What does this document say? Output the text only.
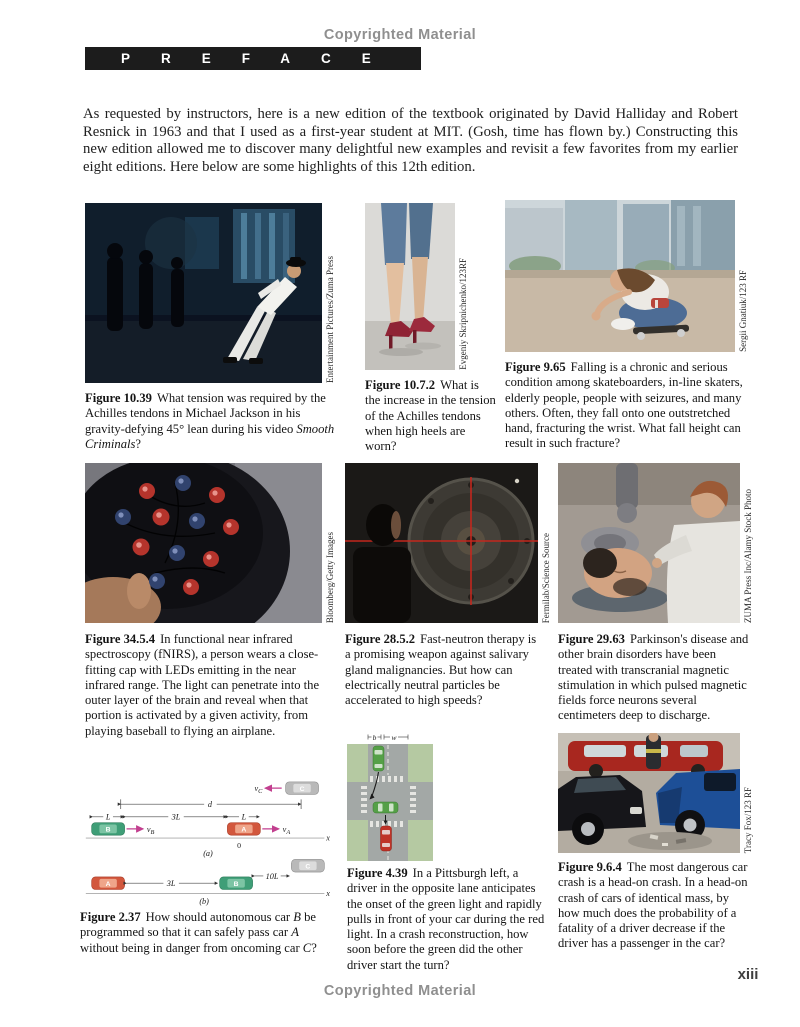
Copyrighted Material
PREFACE

As requested by instructors, here is a new edition of the textbook originated by David Halliday and Robert Resnick in 1963 and that I used as a first-year student at MIT. (Gosh, time has flown by.) Constructing this new edition allowed me to discover many delightful new examples and revisit a few favorites from my earlier eight editions. Here below are some highlights of this 12th edition.

Entertainment Pictures/Zuma Press
Figure 10.39 What tension was required by the Achilles tendons in Michael Jackson in his gravity-defying 45° lean during his video Smooth Criminals?
Evgeniy Skripnichenko/123RF
Figure 10.7.2 What is the increase in the tension of the Achilles tendons when high heels are worn?
Sergii Gnatiuk/123 RF
Figure 9.65 Falling is a chronic and serious condition among skateboarders, in-line skaters, elderly people, people with seizures, and many others. Often, they fall onto one outstretched hand, fracturing the wrist. What fall height can result in such fracture?
Bloomberg/Getty Images
Figure 34.5.4 In functional near infrared spectroscopy (fNIRS), a person wears a close-fitting cap with LEDs emitting in the near infrared range. The light can penetrate into the outer layer of the brain and reveal when that portion is activated by a given activity, from playing baseball to flying an airplane.
Fermilab/Science Source
Figure 28.5.2 Fast-neutron therapy is a promising weapon against salivary gland malignancies. But how can electrically neutral particles be accelerated to high speeds?
ZUMA Press Inc/Alamy Stock Photo
Figure 29.63 Parkinson's disease and other brain disorders have been treated with transcranial magnetic stimulation in which pulsed magnetic fields force neurons several centimeters deep to discharge.
C
$v_C$
d
L	3L	L
B	$v_B$	A	$v_A$
x
0
(a)
C
10L
A	3L	B
x
(b)
Figure 2.37 How should autonomous car B be programmed so that it can safely pass car A without being in danger from oncoming car C?
b w
Figure 4.39 In a Pittsburgh left, a driver in the opposite lane anticipates the onset of the green light and rapidly pulls in front of your car during the red light. In a crash reconstruction, how soon before the green did the other driver start the turn?
Tracy Fox/123 RF
Figure 9.6.4 The most dangerous car crash is a head-on crash. In a head-on crash of cars of identical mass, by how much does the probability of a fatality of a driver decrease if the driver has a passenger in the car?
xiii
Copyrighted Material
